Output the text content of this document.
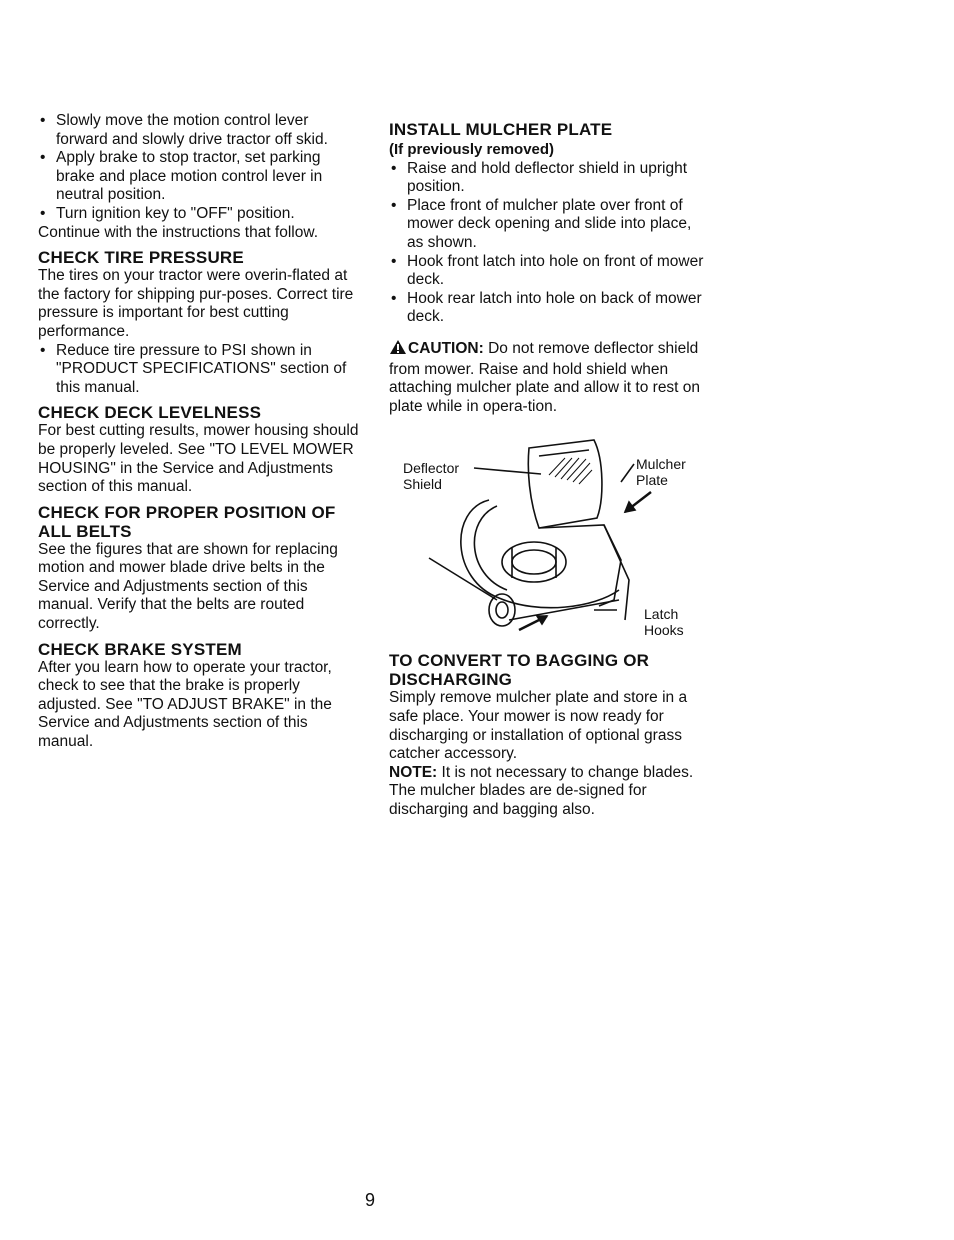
• Slowly move the motion control lever forward and slowly drive tractor off skid.
• Apply brake to stop tractor, set parking brake and place motion control lever in neutral position.
• Turn ignition key to "OFF" position.

Continue with the instructions that follow.

CHECK TIRE PRESSURE

The tires on your tractor were overin-flated at the factory for shipping pur-poses. Correct tire pressure is important for best cutting performance.

• Reduce tire pressure to PSI shown in "PRODUCT SPECIFICATIONS" section of this manual.
CHECK DECK LEVELNESS

For best cutting results, mower housing should be properly leveled. See "TO LEVEL MOWER HOUSING" in the Service and Adjustments section of this manual.

CHECK FOR PROPER POSITION OF ALL BELTS

See the figures that are shown for replacing motion and mower blade drive belts in the Service and Adjustments section of this manual. Verify that the belts are routed correctly.

CHECK BRAKE SYSTEM

After you learn how to operate your tractor, check to see that the brake is properly adjusted. See "TO ADJUST BRAKE" in the Service and Adjustments section of this manual.

INSTALL MULCHER PLATE
(If previously removed)
• Raise and hold deflector shield in upright position.
• Place front of mulcher plate over front of mower deck opening and slide into place, as shown.
• Hook front latch into hole on front of mower deck.
• Hook rear latch into hole on back of mower deck.

CAUTION: Do not remove deflector shield from mower. Raise and hold shield when attaching mulcher plate and allow it to rest on plate while in opera-tion.

Deflector Shield
Mulcher Plate
Latch Hooks
TO CONVERT TO BAGGING OR DISCHARGING

Simply remove mulcher plate and store in a safe place. Your mower is now ready for discharging or installation of optional grass catcher accessory.

NOTE: It is not necessary to change blades. The mulcher blades are de-signed for discharging and bagging also.

9
